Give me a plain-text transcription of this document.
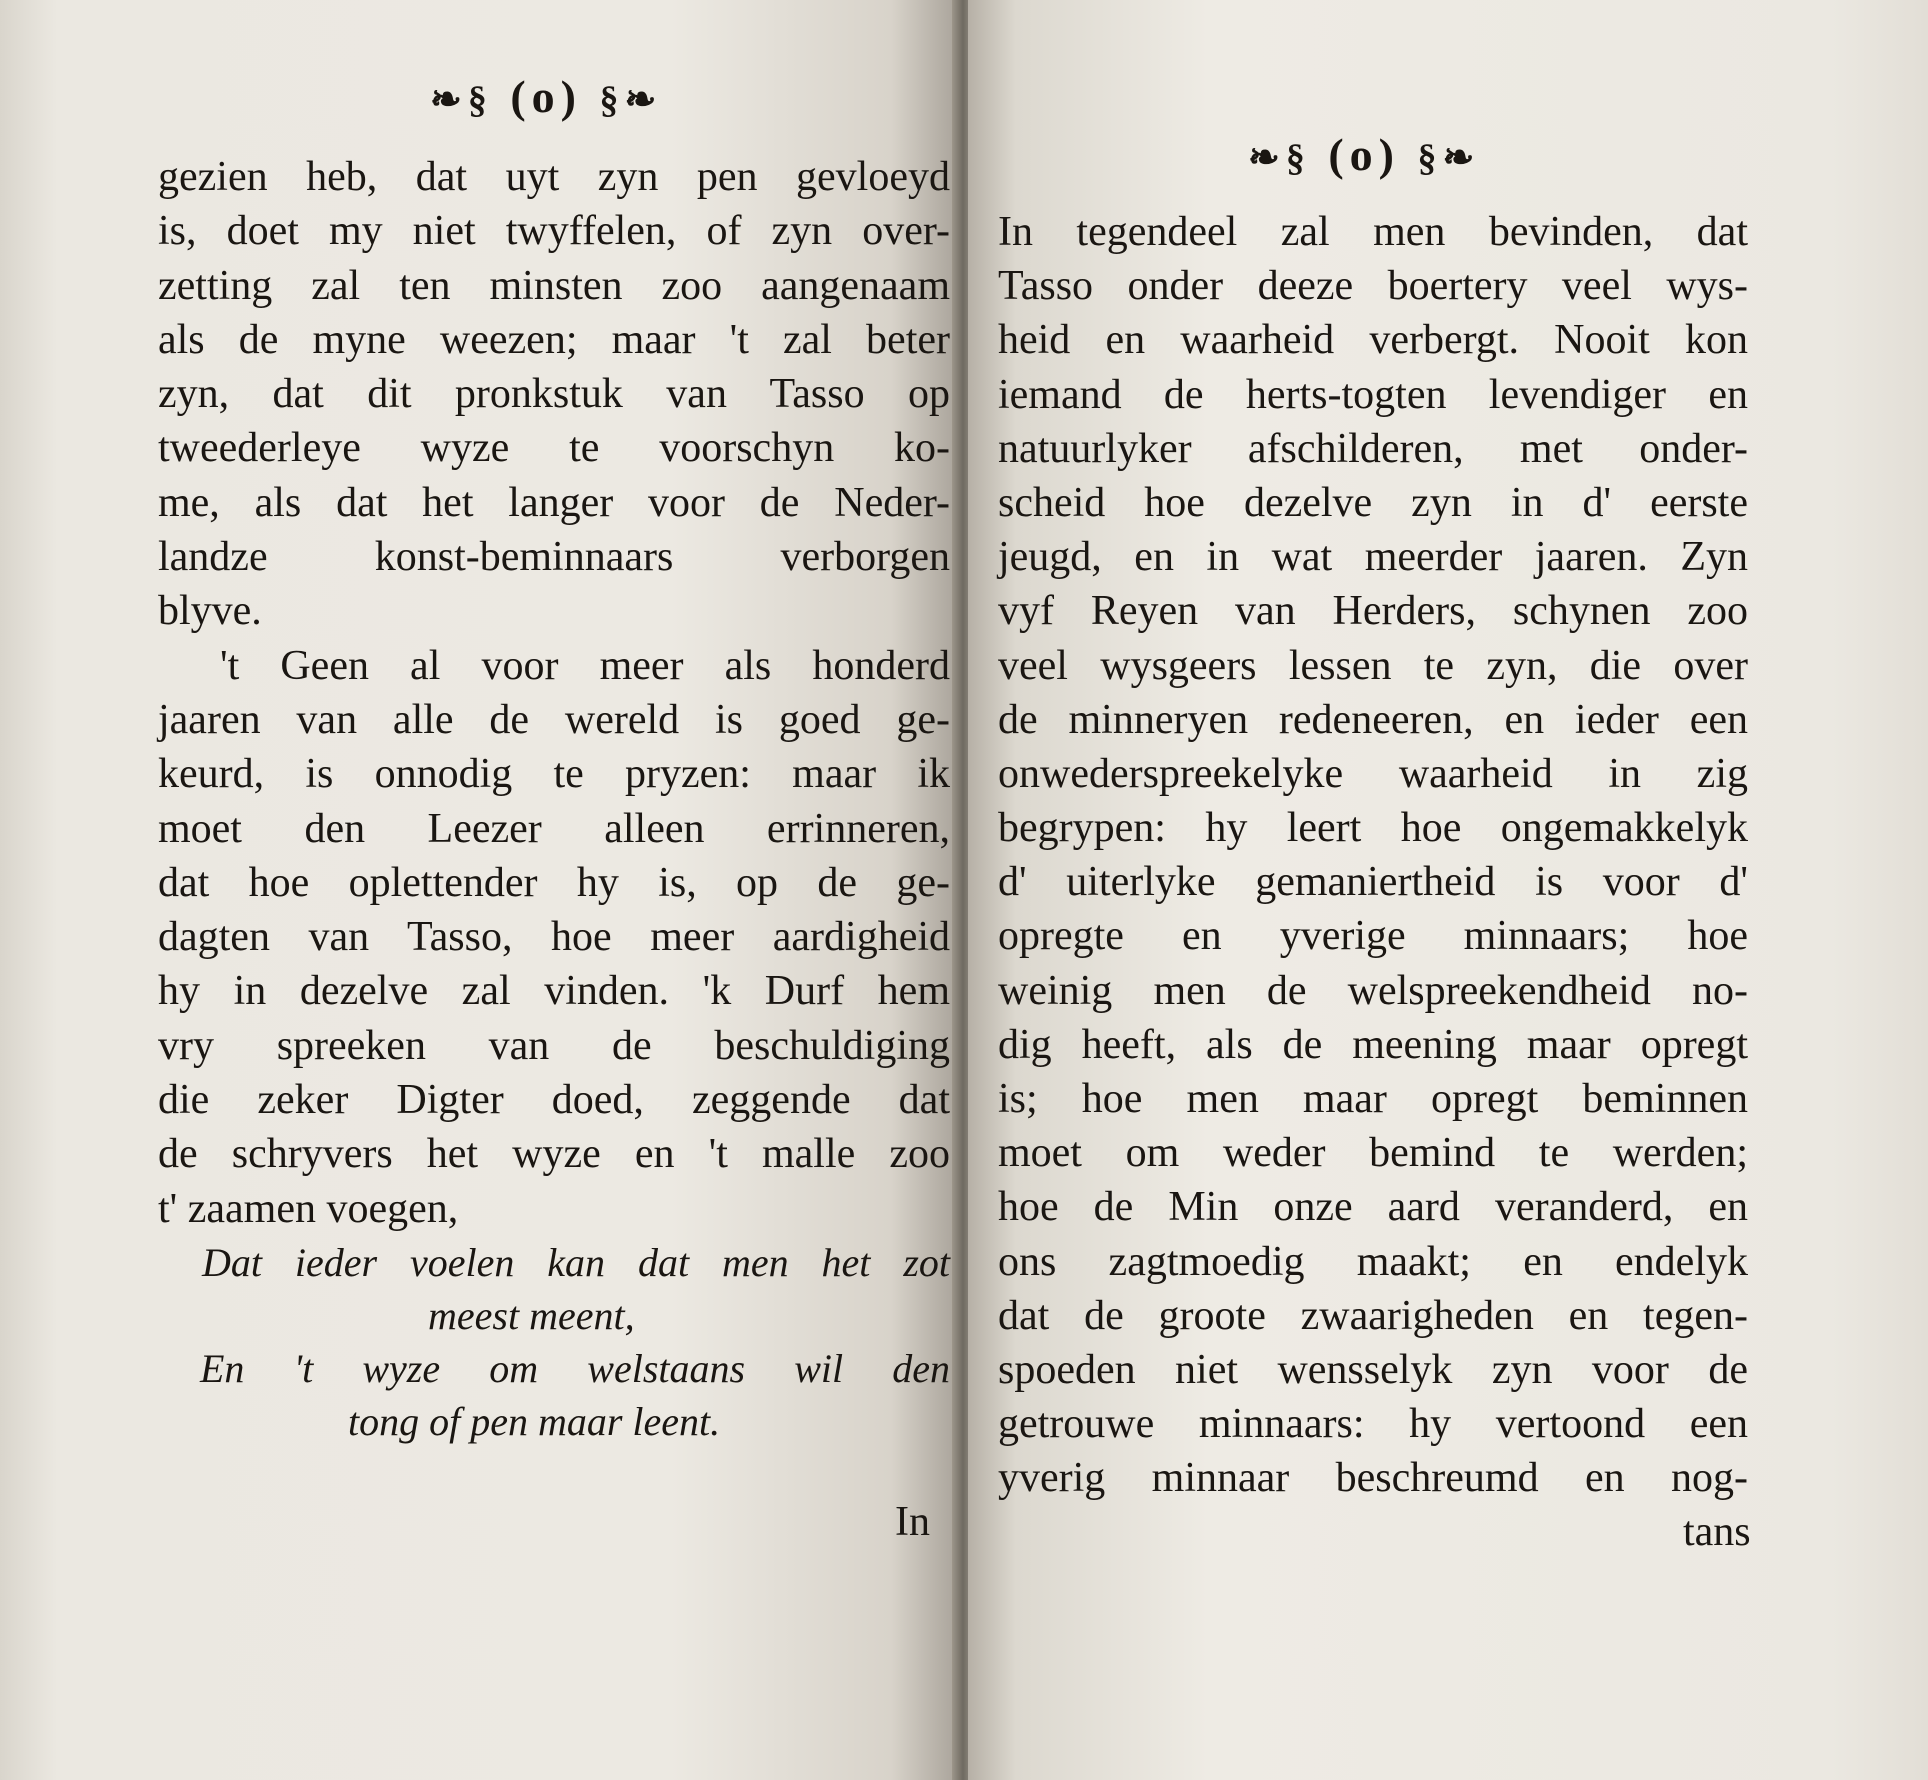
❧§ (o) §❧
gezien heb, dat uyt zyn pen gevloeyd
is, doet my niet twyffelen, of zyn over-
zetting zal ten minsten zoo aangenaam
als de myne weezen; maar 't zal beter
zyn, dat dit pronkstuk van Tasso op
tweederleye wyze te voorschyn ko-
me, als dat het langer voor de Neder-
landze konst-beminnaars verborgen
blyve.
't Geen al voor meer als honderd
jaaren van alle de wereld is goed ge-
keurd, is onnodig te pryzen: maar ik
moet den Leezer alleen errinneren,
dat hoe oplettender hy is, op de ge-
dagten van Tasso, hoe meer aardigheid
hy in dezelve zal vinden. 'k Durf hem
vry spreeken van de beschuldiging
die zeker Digter doed, zeggende dat
de schryvers het wyze en 't malle zoo
t' zaamen voegen,
Dat ieder voelen kan dat men het zot
meest meent,
En 't wyze om welstaans wil den
tong of pen maar leent.
In
❧§ (o) §❧
In tegendeel zal men bevinden, dat
Tasso onder deeze boertery veel wys-
heid en waarheid verbergt. Nooit kon
iemand de herts-togten levendiger en
natuurlyker afschilderen, met onder-
scheid hoe dezelve zyn in d' eerste
jeugd, en in wat meerder jaaren. Zyn
vyf Reyen van Herders, schynen zoo
veel wysgeers lessen te zyn, die over
de minneryen redeneeren, en ieder een
onwederspreekelyke waarheid in zig
begrypen: hy leert hoe ongemakkelyk
d' uiterlyke gemaniertheid is voor d'
opregte en yverige minnaars; hoe
weinig men de welspreekendheid no-
dig heeft, als de meening maar opregt
is; hoe men maar opregt beminnen
moet om weder bemind te werden;
hoe de Min onze aard veranderd, en
ons zagtmoedig maakt; en endelyk
dat de groote zwaarigheden en tegen-
spoeden niet wensselyk zyn voor de
getrouwe minnaars: hy vertoond een
yverig minnaar beschreumd en nog-
tans
